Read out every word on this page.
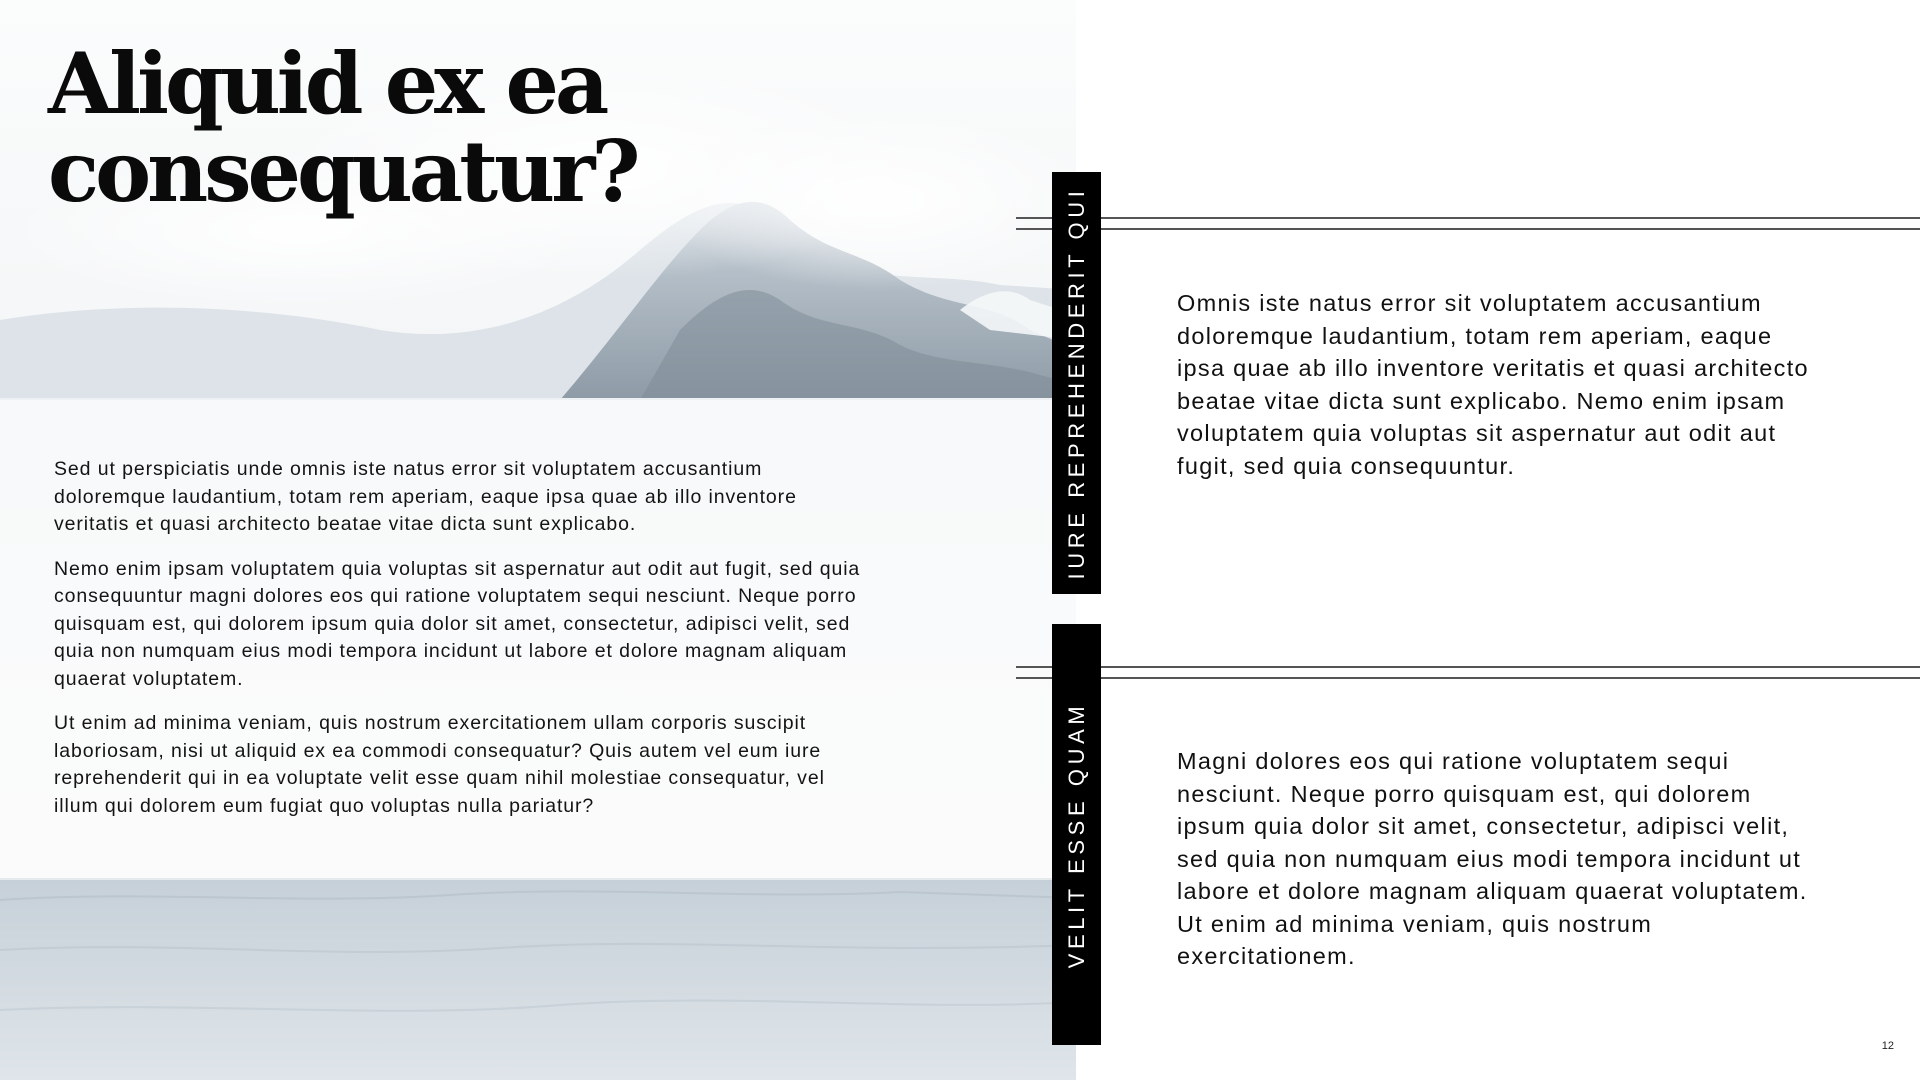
Aliquid ex ea consequatur?

Sed ut perspiciatis unde omnis iste natus error sit voluptatem accusantium doloremque laudantium, totam rem aperiam, eaque ipsa quae ab illo inventore veritatis et quasi architecto beatae vitae dicta sunt explicabo.

Nemo enim ipsam voluptatem quia voluptas sit aspernatur aut odit aut fugit, sed quia consequuntur magni dolores eos qui ratione voluptatem sequi nesciunt. Neque porro quisquam est, qui dolorem ipsum quia dolor sit amet, consectetur, adipisci velit, sed quia non numquam eius modi tempora incidunt ut labore et dolore magnam aliquam quaerat voluptatem.

Ut enim ad minima veniam, quis nostrum exercitationem ullam corporis suscipit laboriosam, nisi ut aliquid ex ea commodi consequatur? Quis autem vel eum iure reprehenderit qui in ea voluptate velit esse quam nihil molestiae consequatur, vel illum qui dolorem eum fugiat quo voluptas nulla pariatur?

IURE REPREHENDERIT QUI	Omnis iste natus error sit voluptatem accusantium doloremque laudantium, totam rem aperiam, eaque ipsa quae ab illo inventore veritatis et quasi architecto beatae vitae dicta sunt explicabo. Nemo enim ipsam voluptatem quia voluptas sit aspernatur aut odit aut fugit, sed quia consequuntur.

VELIT ESSE QUAM	Magni dolores eos qui ratione voluptatem sequi nesciunt. Neque porro quisquam est, qui dolorem ipsum quia dolor sit amet, consectetur, adipisci velit, sed quia non numquam eius modi tempora incidunt ut labore et dolore magnam aliquam quaerat voluptatem. Ut enim ad minima veniam, quis nostrum exercitationem.

12
